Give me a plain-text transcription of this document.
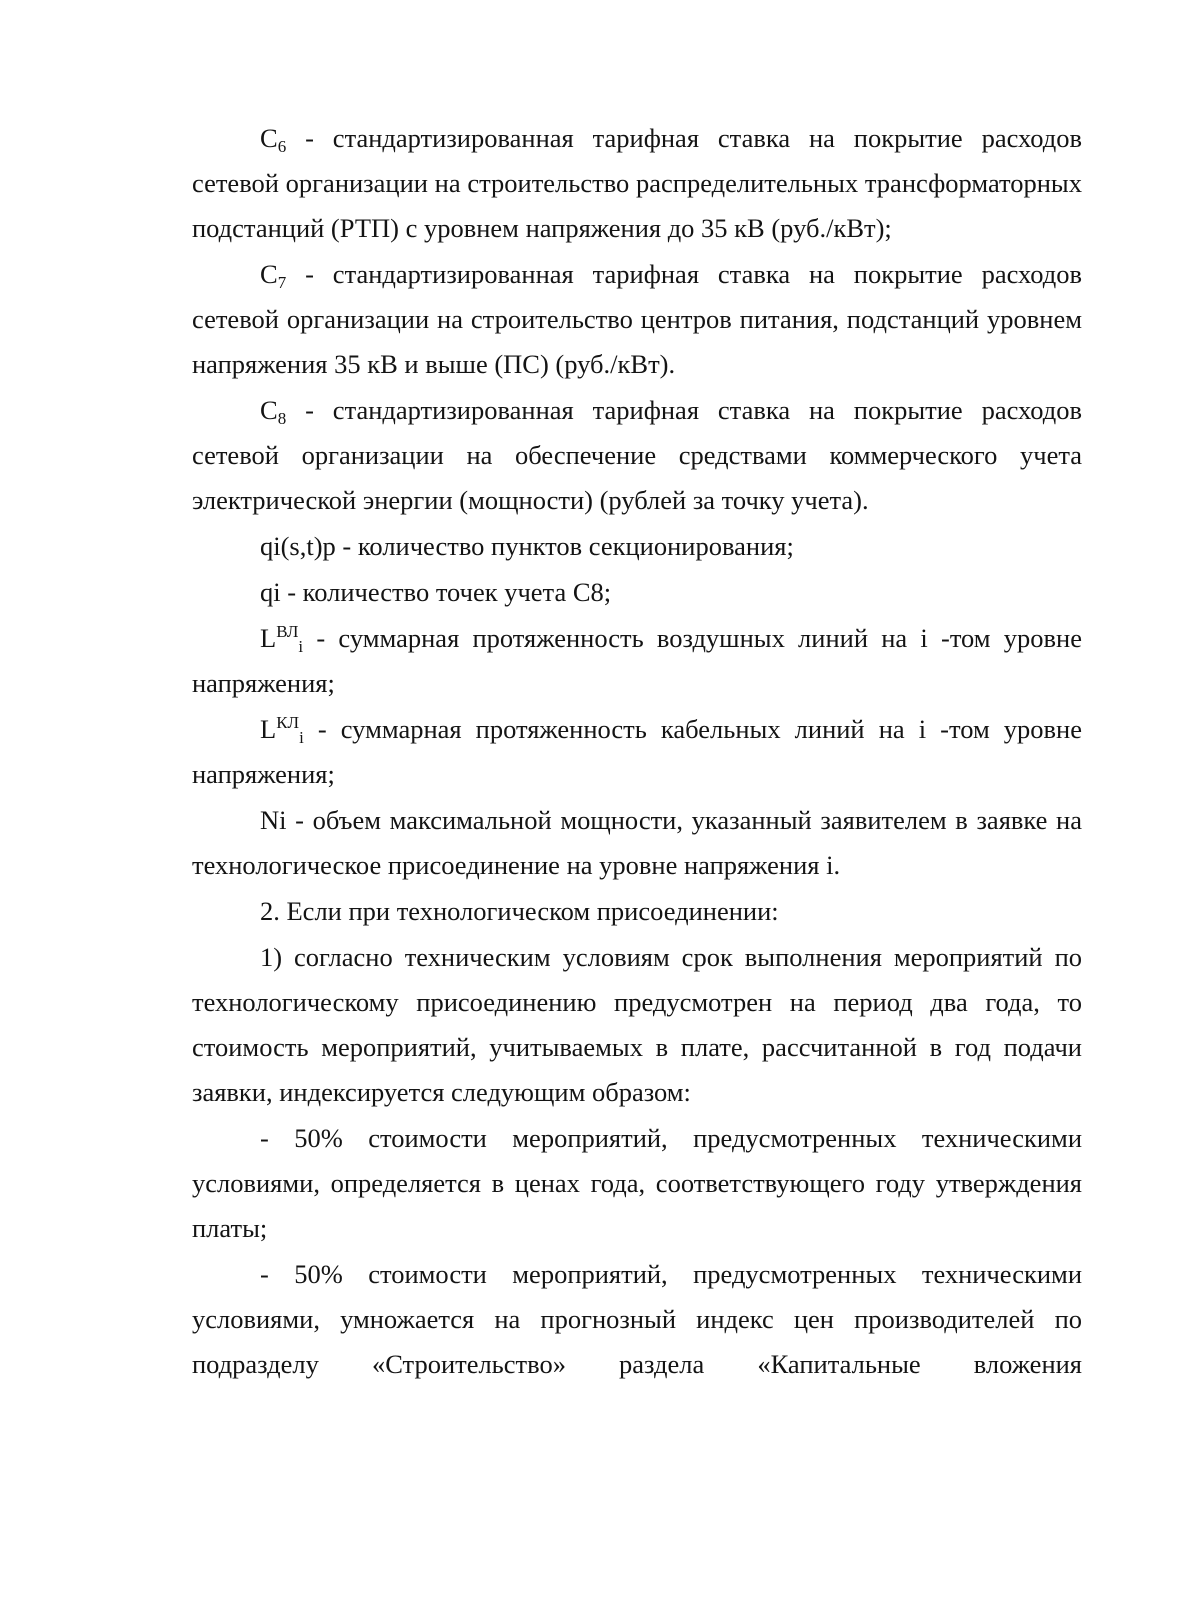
$C_6$ - стандартизированная тарифная ставка на покрытие расходов сетевой организации на строительство распределительных трансформаторных подстанций (РТП) с уровнем напряжения до 35 кВ (руб./кВт);

$C_7$ - стандартизированная тарифная ставка на покрытие расходов сетевой организации на строительство центров питания, подстанций уровнем напряжения 35 кВ и выше (ПС) (руб./кВт).

$C_8$ - стандартизированная тарифная ставка на покрытие расходов сетевой организации на обеспечение средствами коммерческого учета электрической энергии (мощности) (рублей за точку учета).

qi(s,t)p - количество пунктов секционирования;

qi - количество точек учета С8;

$L^{ВЛ}_i$ - суммарная протяженность воздушных линий на i -том уровне напряжения;

$L^{КЛ}_i$ - суммарная протяженность кабельных линий на i -том уровне напряжения;

Ni - объем максимальной мощности, указанный заявителем в заявке на технологическое присоединение на уровне напряжения i.

2. Если при технологическом присоединении:

1) согласно техническим условиям срок выполнения мероприятий по технологическому присоединению предусмотрен на период два года, то стоимость мероприятий, учитываемых в плате, рассчитанной в год подачи заявки, индексируется следующим образом:

- 50% стоимости мероприятий, предусмотренных техническими условиями, определяется в ценах года, соответствующего году утверждения платы;

- 50% стоимости мероприятий, предусмотренных техническими условиями, умножается на прогнозный индекс цен производителей по подразделу «Строительство» раздела «Капитальные вложения
